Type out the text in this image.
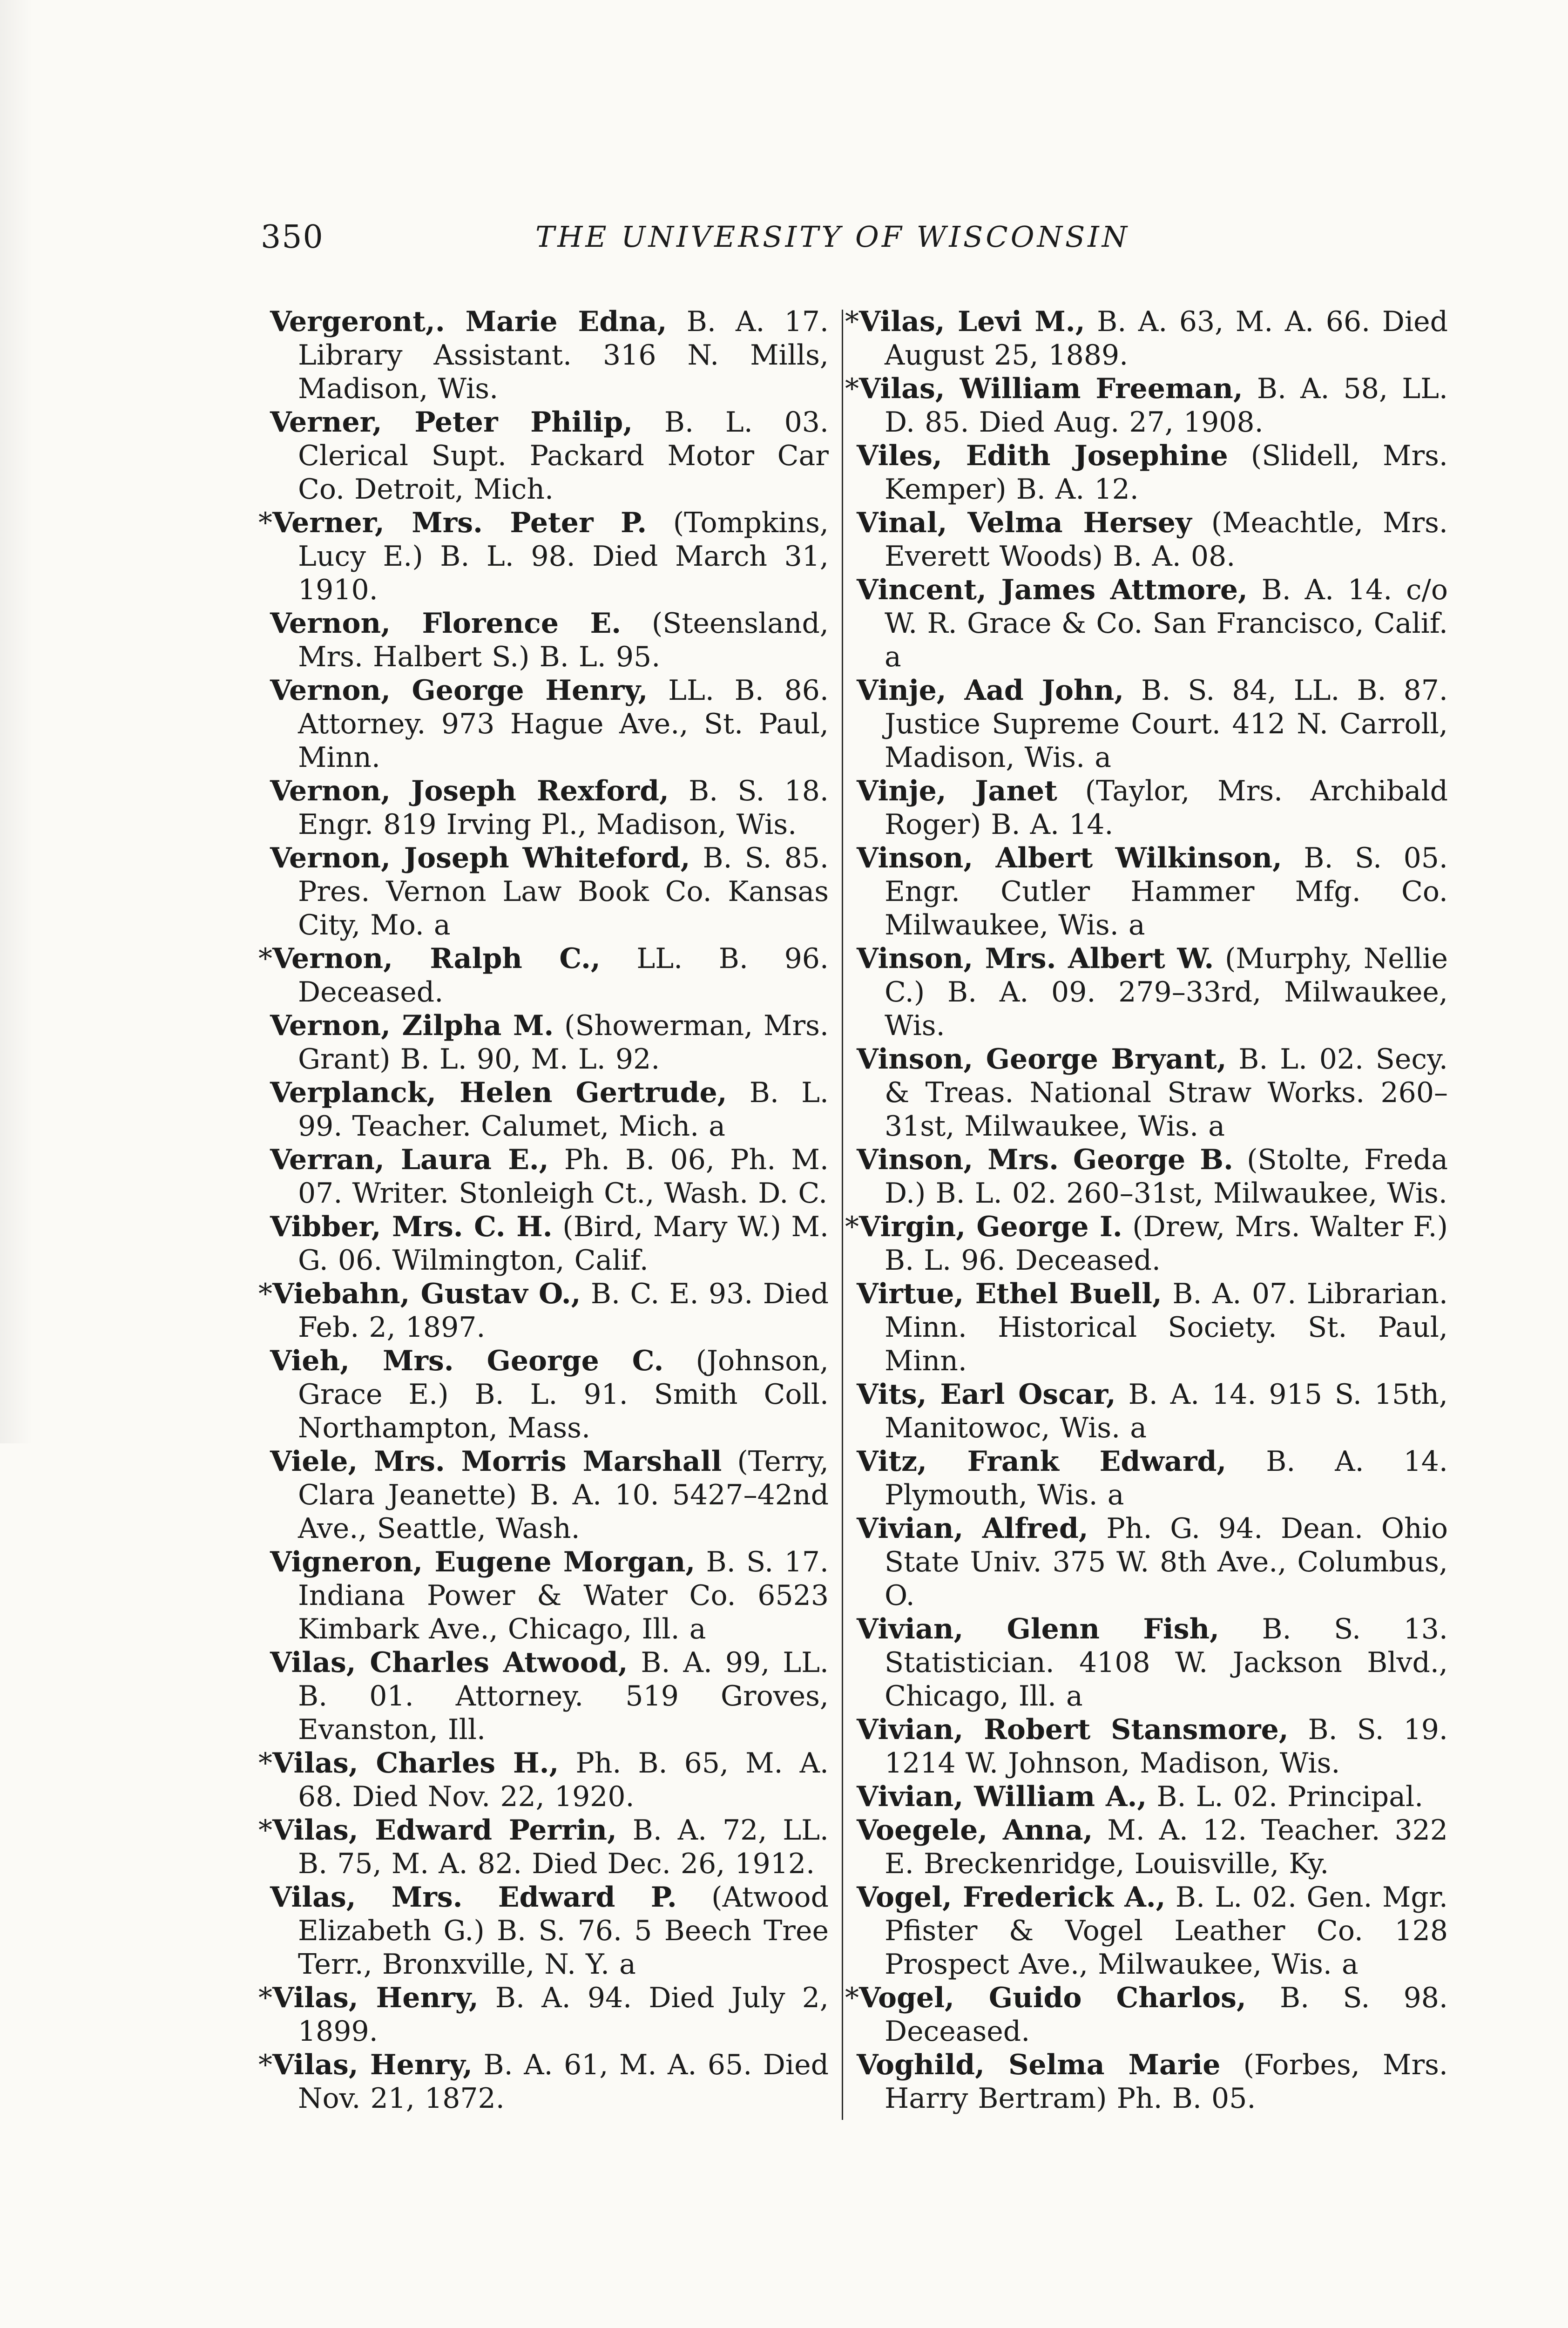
350	THE UNIVERSITY OF WISCONSIN
Vergeront,. Marie Edna, B. A. 17. Library Assistant. 316 N. Mills, Madison, Wis.
Verner, Peter Philip, B. L. 03. Clerical Supt. Packard Motor Car Co. Detroit, Mich.
*Verner, Mrs. Peter P. (Tompkins, Lucy E.) B. L. 98. Died March 31, 1910.
Vernon, Florence E. (Steensland, Mrs. Halbert S.) B. L. 95.
Vernon, George Henry, LL. B. 86. Attorney. 973 Hague Ave., St. Paul, Minn.
Vernon, Joseph Rexford, B. S. 18. Engr. 819 Irving Pl., Madison, Wis.
Vernon, Joseph Whiteford, B. S. 85. Pres. Vernon Law Book Co. Kansas City, Mo. a
*Vernon, Ralph C., LL. B. 96. Deceased.
Vernon, Zilpha M. (Showerman, Mrs. Grant) B. L. 90, M. L. 92.
Verplanck, Helen Gertrude, B. L. 99. Teacher. Calumet, Mich. a
Verran, Laura E., Ph. B. 06, Ph. M. 07. Writer. Stonleigh Ct., Wash. D. C.
Vibber, Mrs. C. H. (Bird, Mary W.) M. G. 06. Wilmington, Calif.
*Viebahn, Gustav O., B. C. E. 93. Died Feb. 2, 1897.
Vieh, Mrs. George C. (Johnson, Grace E.) B. L. 91. Smith Coll. Northampton, Mass.
Viele, Mrs. Morris Marshall (Terry, Clara Jeanette) B. A. 10. 5427–42nd Ave., Seattle, Wash.
Vigneron, Eugene Morgan, B. S. 17. Indiana Power & Water Co. 6523 Kimbark Ave., Chicago, Ill. a
Vilas, Charles Atwood, B. A. 99, LL. B. 01. Attorney. 519 Groves, Evanston, Ill.
*Vilas, Charles H., Ph. B. 65, M. A. 68. Died Nov. 22, 1920.
*Vilas, Edward Perrin, B. A. 72, LL. B. 75, M. A. 82. Died Dec. 26, 1912.
Vilas, Mrs. Edward P. (Atwood Elizabeth G.) B. S. 76. 5 Beech Tree Terr., Bronxville, N. Y. a
*Vilas, Henry, B. A. 94. Died July 2, 1899.
*Vilas, Henry, B. A. 61, M. A. 65. Died Nov. 21, 1872.
*Vilas, Levi M., B. A. 63, M. A. 66. Died August 25, 1889.
*Vilas, William Freeman, B. A. 58, LL. D. 85. Died Aug. 27, 1908.
Viles, Edith Josephine (Slidell, Mrs. Kemper) B. A. 12.
Vinal, Velma Hersey (Meachtle, Mrs. Everett Woods) B. A. 08.
Vincent, James Attmore, B. A. 14. c/o W. R. Grace & Co. San Francisco, Calif. a
Vinje, Aad John, B. S. 84, LL. B. 87. Justice Supreme Court. 412 N. Carroll, Madison, Wis. a
Vinje, Janet (Taylor, Mrs. Archibald Roger) B. A. 14.
Vinson, Albert Wilkinson, B. S. 05. Engr. Cutler Hammer Mfg. Co. Milwaukee, Wis. a
Vinson, Mrs. Albert W. (Murphy, Nellie C.) B. A. 09. 279–33rd, Milwaukee, Wis.
Vinson, George Bryant, B. L. 02. Secy. & Treas. National Straw Works. 260–31st, Milwaukee, Wis. a
Vinson, Mrs. George B. (Stolte, Freda D.) B. L. 02. 260–31st, Milwaukee, Wis.
*Virgin, George I. (Drew, Mrs. Walter F.) B. L. 96. Deceased.
Virtue, Ethel Buell, B. A. 07. Librarian. Minn. Historical Society. St. Paul, Minn.
Vits, Earl Oscar, B. A. 14. 915 S. 15th, Manitowoc, Wis. a
Vitz, Frank Edward, B. A. 14. Plymouth, Wis. a
Vivian, Alfred, Ph. G. 94. Dean. Ohio State Univ. 375 W. 8th Ave., Columbus, O.
Vivian, Glenn Fish, B. S. 13. Statistician. 4108 W. Jackson Blvd., Chicago, Ill. a
Vivian, Robert Stansmore, B. S. 19. 1214 W. Johnson, Madison, Wis.
Vivian, William A., B. L. 02. Principal.
Voegele, Anna, M. A. 12. Teacher. 322 E. Breckenridge, Louisville, Ky.
Vogel, Frederick A., B. L. 02. Gen. Mgr. Pfister & Vogel Leather Co. 128 Prospect Ave., Milwaukee, Wis. a
*Vogel, Guido Charlos, B. S. 98. Deceased.
Voghild, Selma Marie (Forbes, Mrs. Harry Bertram) Ph. B. 05.
